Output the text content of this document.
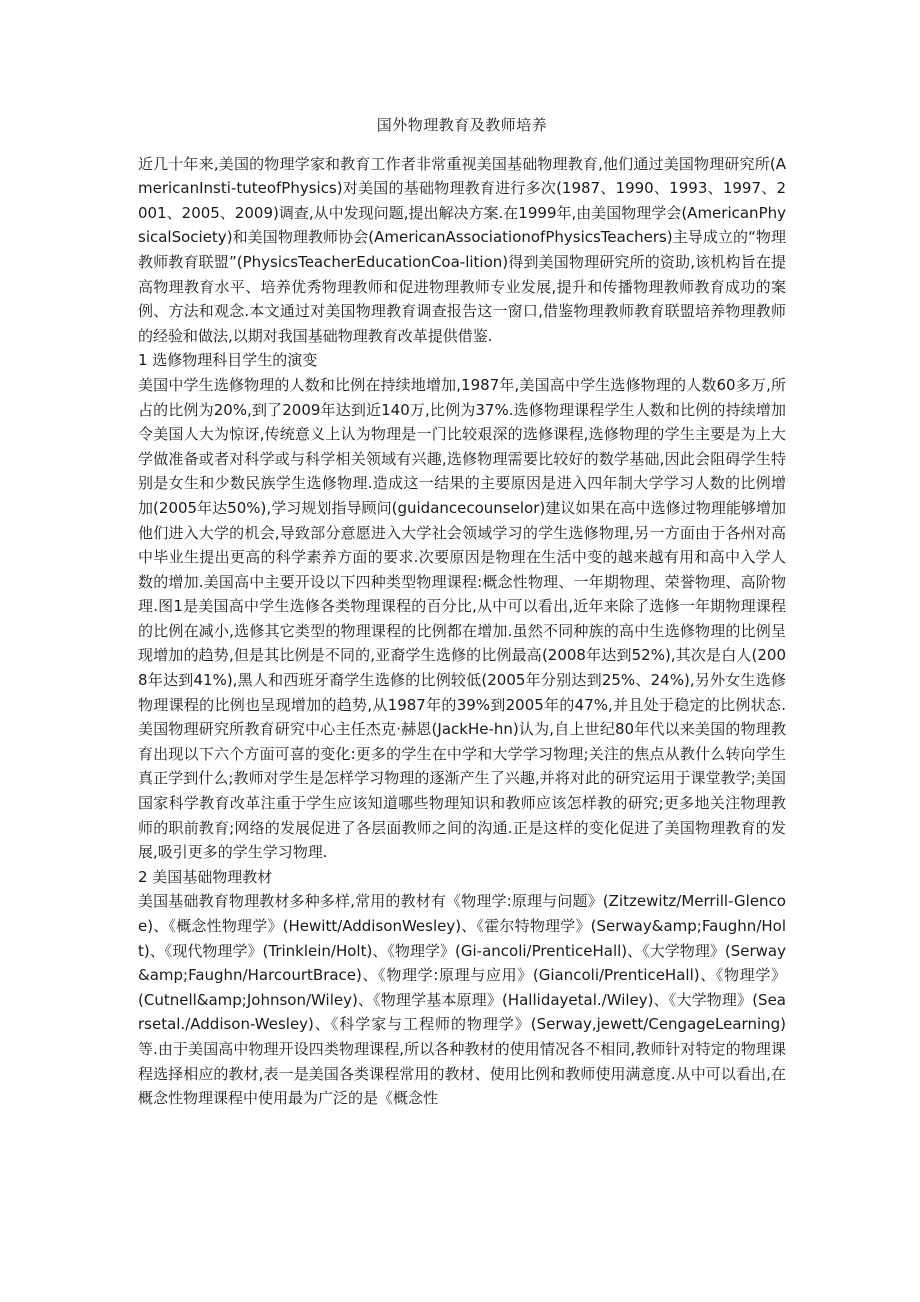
国外物理教育及教师培养

近几十年来,美国的物理学家和教育工作者非常重视美国基础物理教育,他们通过美国物理研究所(AmericanInsti-tuteofPhysics)对美国的基础物理教育进行多次(1987、1990、1993、1997、2001、2005、2009)调查,从中发现问题,提出解决方案.在1999年,由美国物理学会(AmericanPhysicalSociety)和美国物理教师协会(AmericanAssociationofPhysicsTeachers)主导成立的“物理教师教育联盟”(PhysicsTeacherEducationCoa-lition)得到美国物理研究所的资助,该机构旨在提高物理教育水平、培养优秀物理教师和促进物理教师专业发展,提升和传播物理教师教育成功的案例、方法和观念.本文通过对美国物理教育调查报告这一窗口,借鉴物理教师教育联盟培养物理教师的经验和做法,以期对我国基础物理教育改革提供借鉴.

1 选修物理科目学生的演变

美国中学生选修物理的人数和比例在持续地增加,1987年,美国高中学生选修物理的人数60多万,所占的比例为20%,到了2009年达到近140万,比例为37%.选修物理课程学生人数和比例的持续增加令美国人大为惊讶,传统意义上认为物理是一门比较艰深的选修课程,选修物理的学生主要是为上大学做准备或者对科学或与科学相关领域有兴趣,选修物理需要比较好的数学基础,因此会阻碍学生特别是女生和少数民族学生选修物理.造成这一结果的主要原因是进入四年制大学学习人数的比例增加(2005年达50%),学习规划指导顾问(guidancecounselor)建议如果在高中选修过物理能够增加他们进入大学的机会,导致部分意愿进入大学社会领域学习的学生选修物理,另一方面由于各州对高中毕业生提出更高的科学素养方面的要求.次要原因是物理在生活中变的越来越有用和高中入学人数的增加.美国高中主要开设以下四种类型物理课程:概念性物理、一年期物理、荣誉物理、高阶物理.图1是美国高中学生选修各类物理课程的百分比,从中可以看出,近年来除了选修一年期物理课程的比例在减小,选修其它类型的物理课程的比例都在增加.虽然不同种族的高中生选修物理的比例呈现增加的趋势,但是其比例是不同的,亚裔学生选修的比例最高(2008年达到52%),其次是白人(2008年达到41%),黑人和西班牙裔学生选修的比例较低(2005年分别达到25%、24%),另外女生选修物理课程的比例也呈现增加的趋势,从1987年的39%到2005年的47%,并且处于稳定的比例状态.美国物理研究所教育研究中心主任杰克·赫恩(JackHe-hn)认为,自上世纪80年代以来美国的物理教育出现以下六个方面可喜的变化:更多的学生在中学和大学学习物理;关注的焦点从教什么转向学生真正学到什么;教师对学生是怎样学习物理的逐渐产生了兴趣,并将对此的研究运用于课堂教学;美国国家科学教育改革注重于学生应该知道哪些物理知识和教师应该怎样教的研究;更多地关注物理教师的职前教育;网络的发展促进了各层面教师之间的沟通.正是这样的变化促进了美国物理教育的发展,吸引更多的学生学习物理.

2 美国基础物理教材

美国基础教育物理教材多种多样,常用的教材有《物理学:原理与问题》(Zitzewitz/Merrill-Glencoe)、《概念性物理学》(Hewitt/AddisonWesley)、《霍尔特物理学》(Serway&amp;Faughn/Holt)、《现代物理学》(Trinklein/Holt)、《物理学》(Gi-ancoli/PrenticeHall)、《大学物理》(Serway&amp;Faughn/HarcourtBrace)、《物理学:原理与应用》(Giancoli/PrenticeHall)、《物理学》(Cutnell&amp;Johnson/Wiley)、《物理学基本原理》(Hallidayetal./Wiley)、《大学物理》(Searsetal./Addison-Wesley)、《科学家与工程师的物理学》(Serway,jewett/CengageLearning)等.由于美国高中物理开设四类物理课程,所以各种教材的使用情况各不相同,教师针对特定的物理课程选择相应的教材,表一是美国各类课程常用的教材、使用比例和教师使用满意度.从中可以看出,在概念性物理课程中使用最为广泛的是《概念性
